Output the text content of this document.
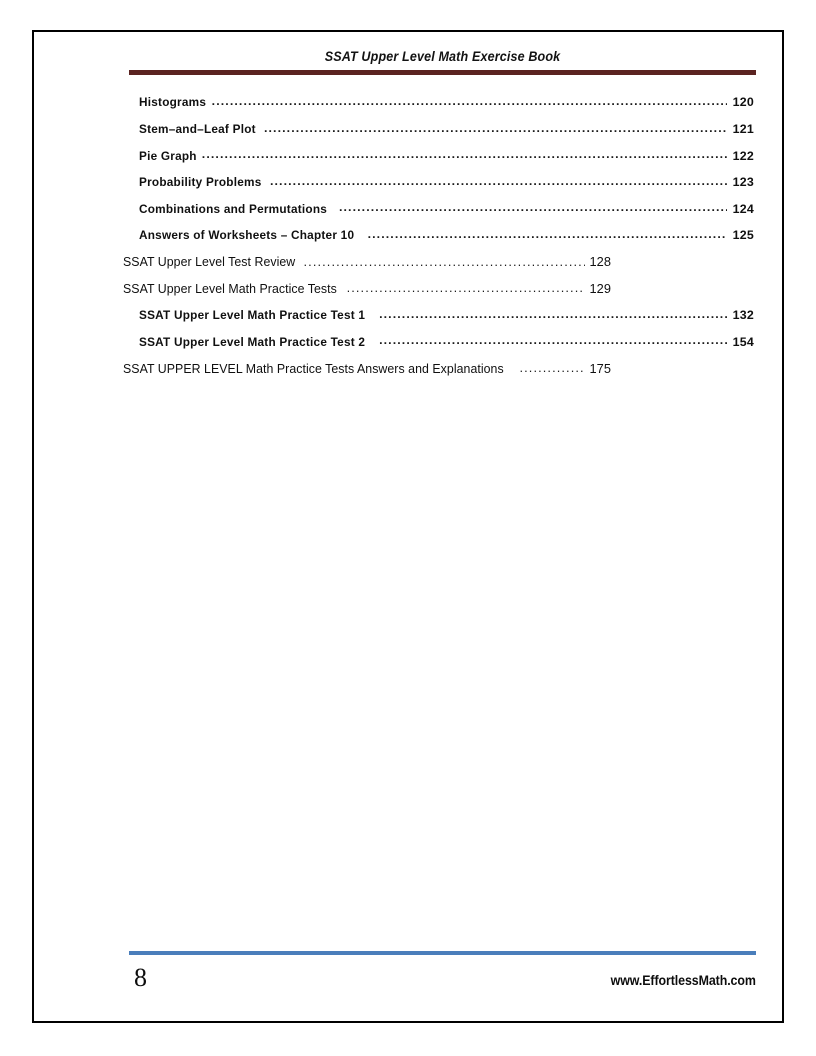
SSAT Upper Level Math Exercise Book
Histograms .....	120
Stem–and–Leaf Plot .....	121
Pie Graph .....	122
Probability Problems .....	123
Combinations and Permutations .....	124
Answers of Worksheets – Chapter 10 .....	125
SSAT Upper Level Test Review .....	128
SSAT Upper Level Math Practice Tests .....	129
SSAT Upper Level Math Practice Test 1 .....	132
SSAT Upper Level Math Practice Test 2 .....	154
SSAT UPPER LEVEL Math Practice Tests Answers and Explanations .....	175
8	www.EffortlessMath.com
